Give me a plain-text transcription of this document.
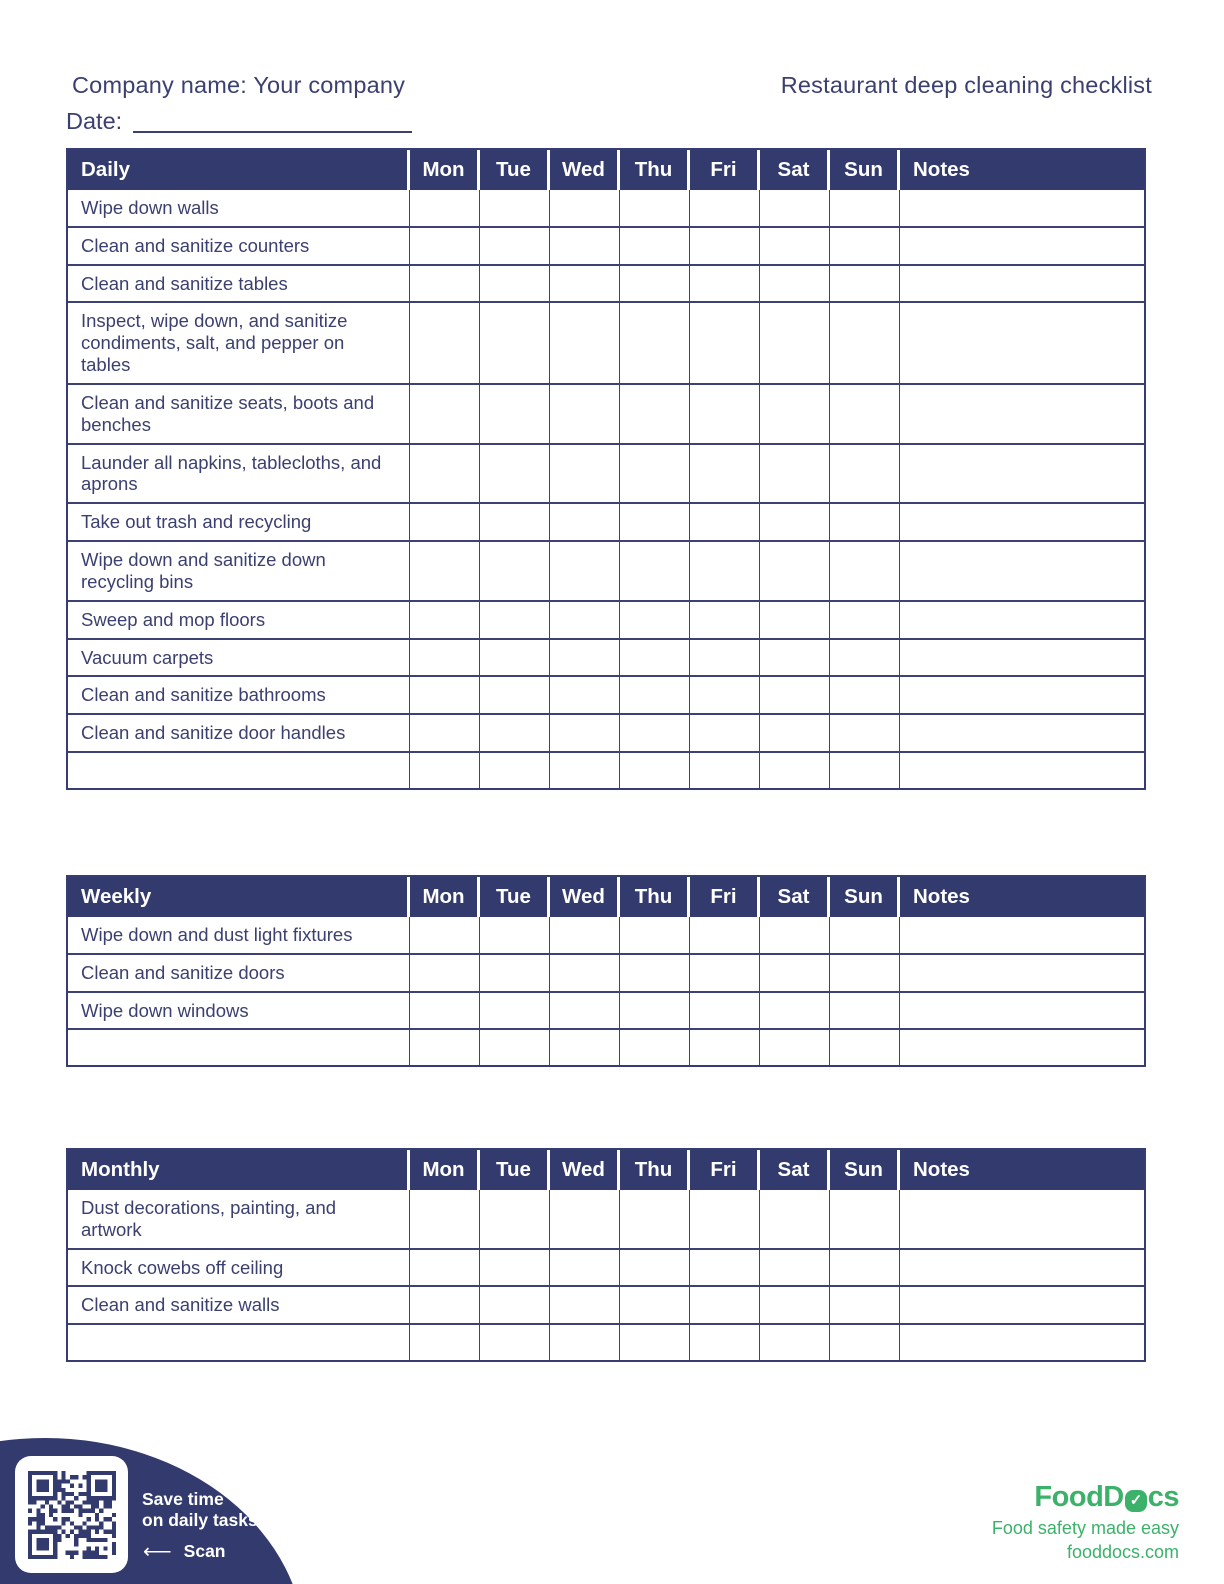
Company name: Your company	Restaurant deep cleaning checklist
Date:
Daily	Mon	Tue	Wed	Thu	Fri	Sat	Sun	Notes
Wipe down walls
Clean and sanitize counters
Clean and sanitize tables
Inspect, wipe down, and sanitize condiments, salt, and pepper on tables
Clean and sanitize seats, boots and benches
Launder all napkins, tablecloths, and aprons
Take out trash and recycling
Wipe down and sanitize down recycling bins
Sweep and mop floors
Vacuum carpets
Clean and sanitize bathrooms
Clean and sanitize door handles
Weekly	Mon	Tue	Wed	Thu	Fri	Sat	Sun	Notes
Wipe down and dust light fixtures
Clean and sanitize doors
Wipe down windows
Monthly	Mon	Tue	Wed	Thu	Fri	Sat	Sun	Notes
Dust decorations, painting, and artwork
Knock cowebs off ceiling
Clean and sanitize walls
Save time
on daily tasks
⟵ Scan
FoodD ✓ cs
Food safety made easy
fooddocs.com
